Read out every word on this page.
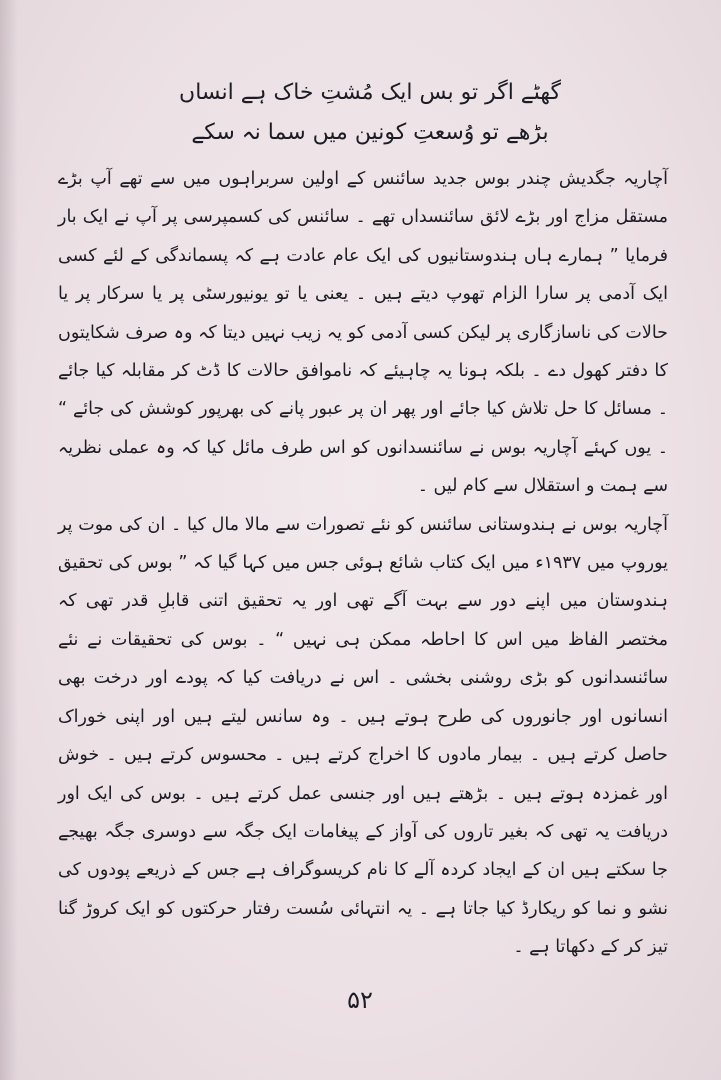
گھٹے اگر تو بس ایک مُشتِ خاک ہے انساں
بڑھے تو وُسعتِ کونین میں سما نہ سکے

آچاریہ جگدیش چندر بوس جدید سائنس کے اولین سربراہوں میں سے تھے آپ بڑے مستقل مزاج اور بڑے لائق سائنسداں تھے ۔ سائنس کی کسمپرسی پر آپ نے ایک بار فرمایا ” ہمارے ہاں ہندوستانیوں کی ایک عام عادت ہے کہ پسماندگی کے لئے کسی ایک آدمی پر سارا الزام تھوپ دیتے ہیں ۔ یعنی یا تو یونیورسٹی پر یا سرکار پر یا حالات کی ناسازگاری پر لیکن کسی آدمی کو یہ زیب نہیں دیتا کہ وہ صرف شکایتوں کا دفتر کھول دے ۔ بلکہ ہونا یہ چاہیئے کہ ناموافق حالات کا ڈٹ کر مقابلہ کیا جائے ۔ مسائل کا حل تلاش کیا جائے اور پھر ان پر عبور پانے کی بھرپور کوشش کی جائے “ ۔ یوں کہئے آچاریہ بوس نے سائنسدانوں کو اس طرف مائل کیا کہ وہ عملی نظریہ سے ہمت و استقلال سے کام لیں ۔

آچاریہ بوس نے ہندوستانی سائنس کو نئے تصورات سے مالا مال کیا ۔ ان کی موت پر یوروپ میں ۱۹۳۷ء میں ایک کتاب شائع ہوئی جس میں کہا گیا کہ ” بوس کی تحقیق ہندوستان میں اپنے دور سے بہت آگے تھی اور یہ تحقیق اتنی قابلِ قدر تھی کہ مختصر الفاظ میں اس کا احاطہ ممکن ہی نہیں “ ۔ بوس کی تحقیقات نے نئے سائنسدانوں کو بڑی روشنی بخشی ۔ اس نے دریافت کیا کہ پودے اور درخت بھی انسانوں اور جانوروں کی طرح ہوتے ہیں ۔ وہ سانس لیتے ہیں اور اپنی خوراک حاصل کرتے ہیں ۔ بیمار مادوں کا اخراج کرتے ہیں ۔ محسوس کرتے ہیں ۔ خوش اور غمزدہ ہوتے ہیں ۔ بڑھتے ہیں اور جنسی عمل کرتے ہیں ۔ بوس کی ایک اور دریافت یہ تھی کہ بغیر تاروں کی آواز کے پیغامات ایک جگہ سے دوسری جگہ بھیجے جا سکتے ہیں ان کے ایجاد کردہ آلے کا نام کریسوگراف ہے جس کے ذریعے پودوں کی نشو و نما کو ریکارڈ کیا جاتا ہے ۔ یہ انتہائی سُست رفتار حرکتوں کو ایک کروڑ گنا تیز کر کے دکھاتا ہے ۔

۵۲
